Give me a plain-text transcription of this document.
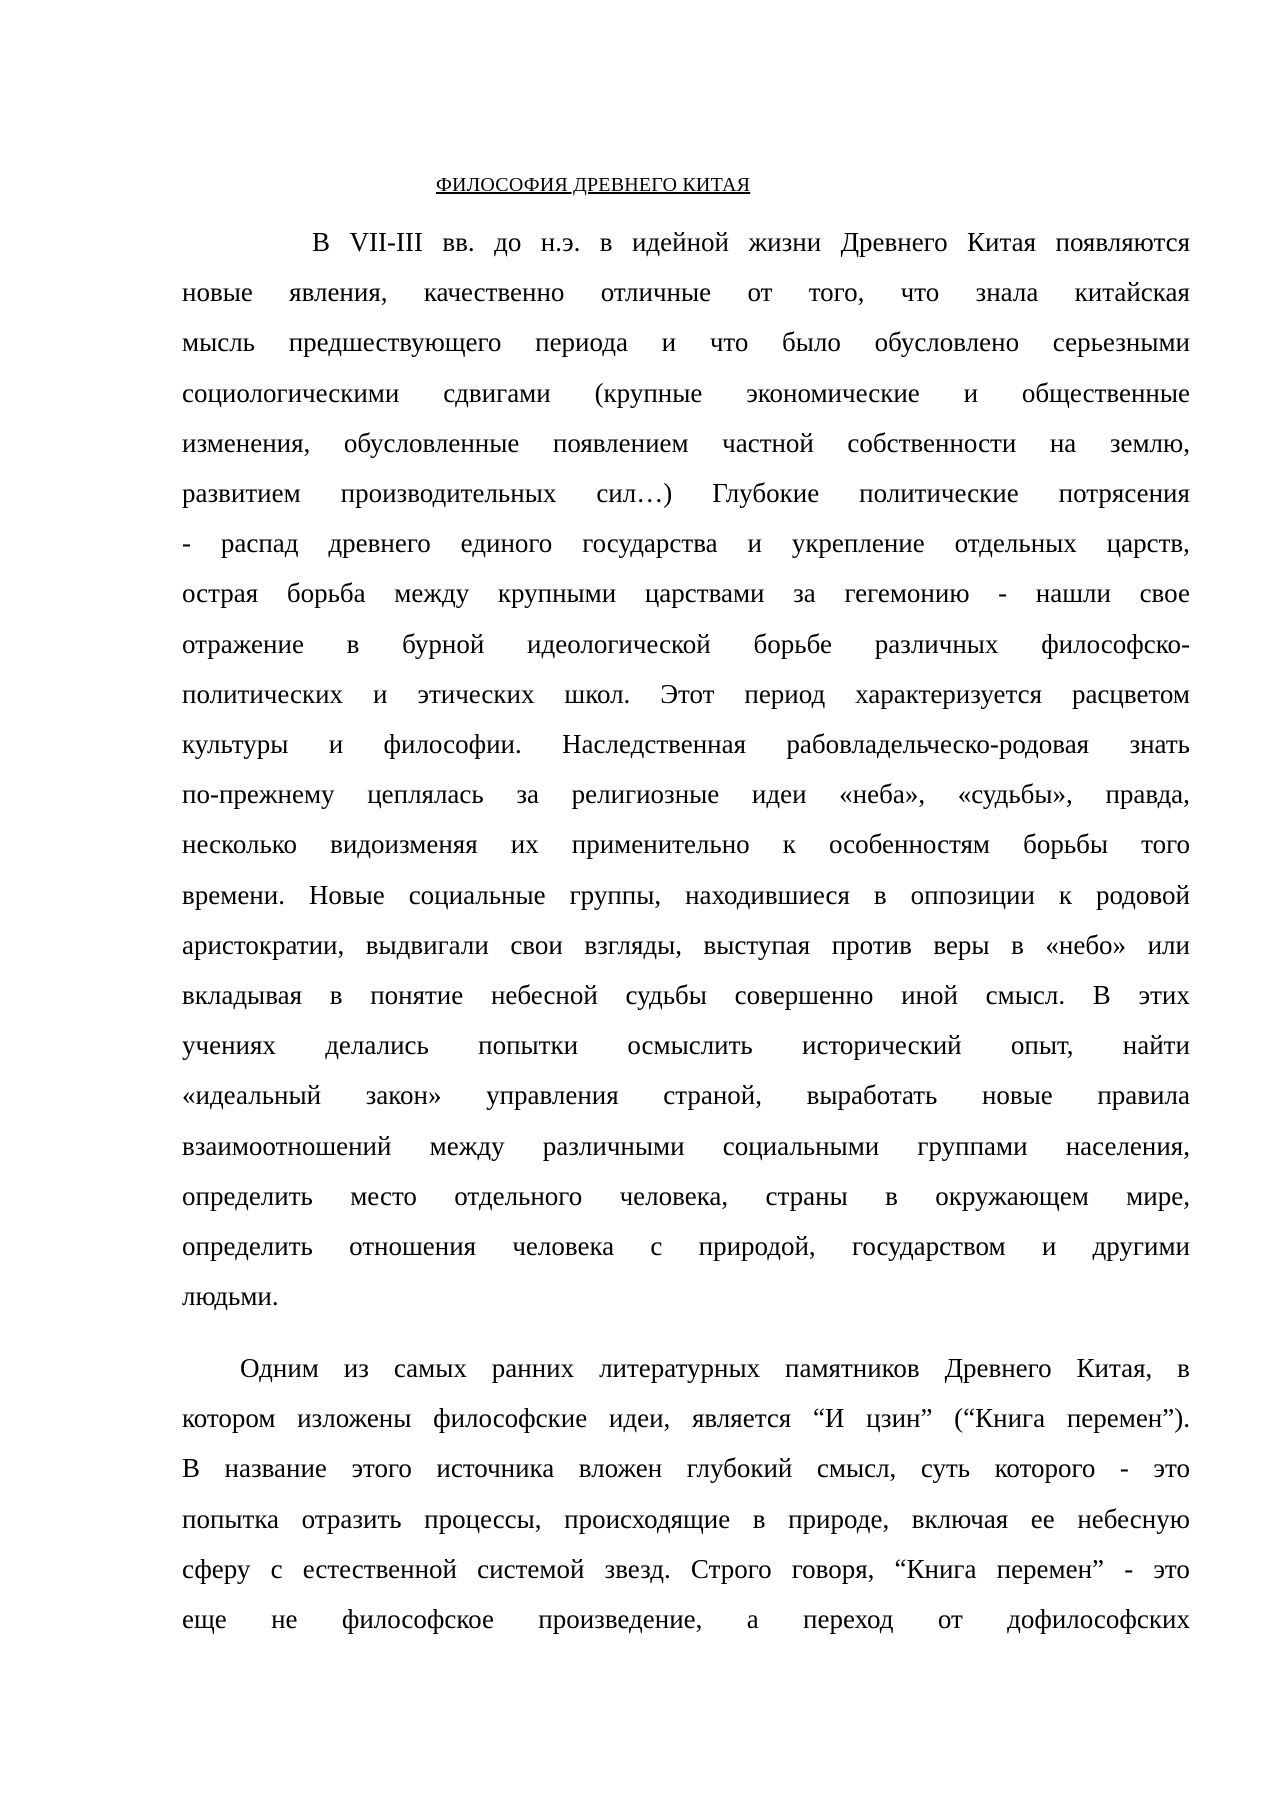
ФИЛОСОФИЯ ДРЕВНЕГО КИТАЯ
В VII-III вв. до н.э. в идейной жизни Древнего Китая появляются
новые явления, качественно отличные от того, что знала китайская
мысль предшествующего периода и что было обусловлено серьезными
социологическими сдвигами (крупные экономические и общественные
изменения, обусловленные появлением частной собственности на землю,
развитием производительных сил…) Глубокие политические потрясения
- распад древнего единого государства и укрепление отдельных царств,
острая борьба между крупными царствами за гегемонию - нашли свое
отражение в бурной идеологической борьбе различных философско-
политических и этических школ. Этот период характеризуется расцветом
культуры и философии. Наследственная рабовладельческо-родовая знать
по-прежнему цеплялась за религиозные идеи «неба», «судьбы», правда,
несколько видоизменяя их применительно к особенностям борьбы того
времени. Новые социальные группы, находившиеся в оппозиции к родовой
аристократии, выдвигали свои взгляды, выступая против веры в «небо» или
вкладывая в понятие небесной судьбы совершенно иной смысл. В этих
учениях делались попытки осмыслить исторический опыт, найти
«идеальный закон» управления страной, выработать новые правила
взаимоотношений между различными социальными группами населения,
определить место отдельного человека, страны в окружающем мире,
определить отношения человека с природой, государством и другими
людьми.
Одним из самых ранних литературных памятников Древнего Китая, в
котором изложены философские идеи, является “И цзин” (“Книга перемен”).
В название этого источника вложен глубокий смысл, суть которого - это
попытка отразить процессы, происходящие в природе, включая ее небесную
сферу с естественной системой звезд. Строго говоря, “Книга перемен” - это
еще не философское произведение, а переход от дофилософских
